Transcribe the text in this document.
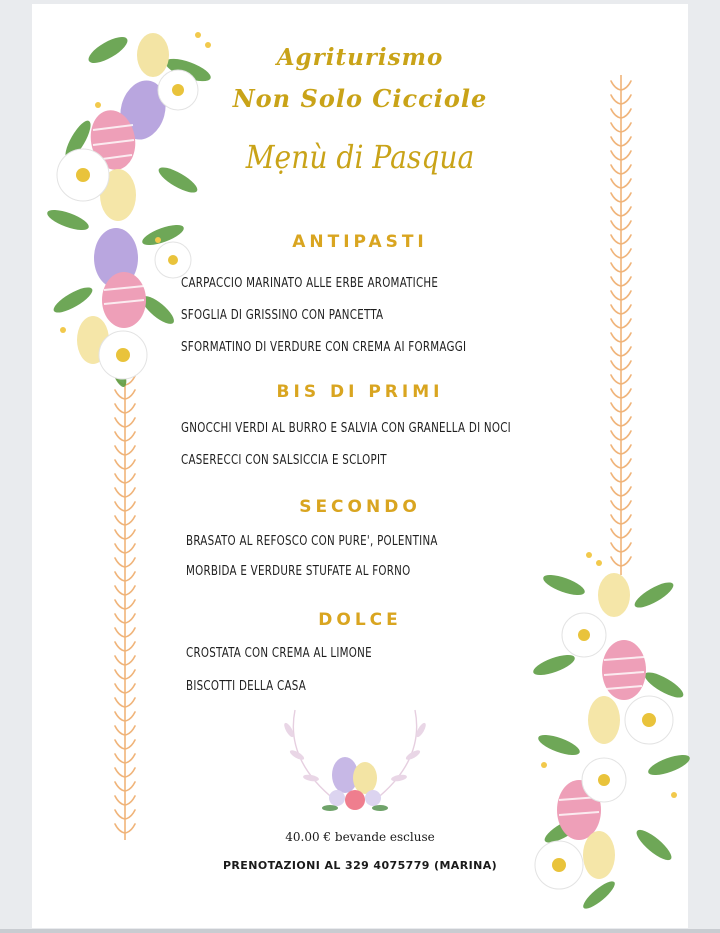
Agriturismo
Non Solo Cicciole
Mẹnù di Pasqua
ANTIPASTI
CARPACCIO MARINATO ALLE ERBE AROMATICHE
SFOGLIA DI GRISSINO CON PANCETTA
SFORMATINO DI VERDURE CON CREMA AI FORMAGGI
BIS DI PRIMI
GNOCCHI VERDI AL BURRO E SALVIA CON GRANELLA DI NOCI
CASERECCI CON SALSICCIA E SCLOPIT
SECONDO
BRASATO AL REFOSCO CON PURE', POLENTINA
MORBIDA E VERDURE STUFATE AL FORNO
DOLCE
CROSTATA CON CREMA AL LIMONE
BISCOTTI DELLA CASA
40.00 € bevande escluse
PRENOTAZIONI AL 329 4075779 (MARINA)
